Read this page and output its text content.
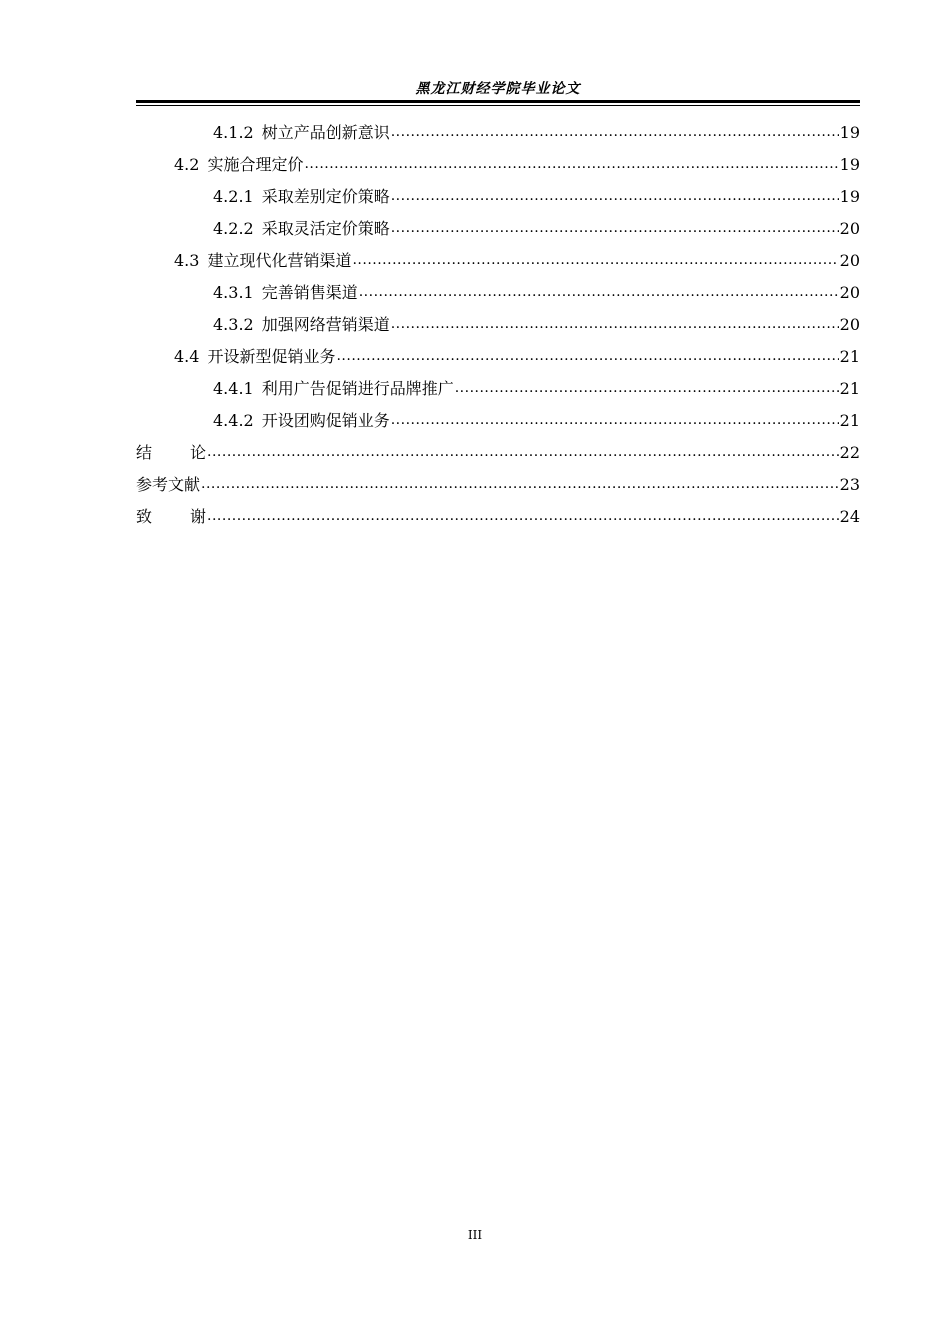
黑龙江财经学院毕业论文
4.1.2 树立产品创新意识 .....	19
4.2 实施合理定价 .....	19
4.2.1 采取差别定价策略 .....	19
4.2.2 采取灵活定价策略 .....	20
4.3 建立现代化营销渠道 .....	20
4.3.1 完善销售渠道 .....	20
4.3.2 加强网络营销渠道 .....	20
4.4 开设新型促销业务 .....	21
4.4.1 利用广告促销进行品牌推广 .....	21
4.4.2 开设团购促销业务 .....	21
结论 .....	22
参考文献 .....	23
致谢 .....	24
III
